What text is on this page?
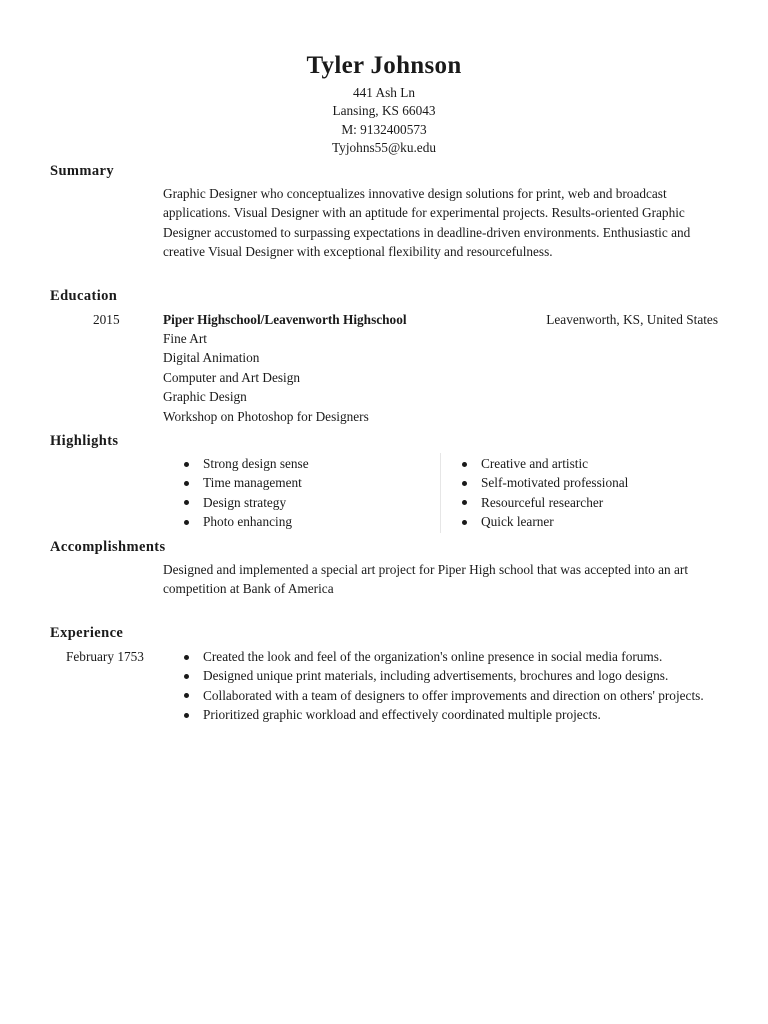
Tyler Johnson
441 Ash Ln
Lansing, KS 66043
M: 9132400573
Tyjohns55@ku.edu
Summary
Graphic Designer who conceptualizes innovative design solutions for print, web and broadcast applications. Visual Designer with an aptitude for experimental projects. Results-oriented Graphic Designer accustomed to surpassing expectations in deadline-driven environments. Enthusiastic and creative Visual Designer with exceptional flexibility and resourcefulness.
Education
2015	Piper Highschool/Leavenworth Highschool	Leavenworth, KS, United States
Fine Art
Digital Animation
Computer and Art Design
Graphic Design
Workshop on Photoshop for Designers
Highlights
Strong design sense
Time management
Design strategy
Photo enhancing
Creative and artistic
Self-motivated professional
Resourceful researcher
Quick learner
Accomplishments
Designed and implemented a special art project for Piper High school that was accepted into an art competition at Bank of America
Experience
February 1753	Created the look and feel of the organization's online presence in social media forums.
Designed unique print materials, including advertisements, brochures and logo designs.
Collaborated with a team of designers to offer improvements and direction on others' projects.
Prioritized graphic workload and effectively coordinated multiple projects.
